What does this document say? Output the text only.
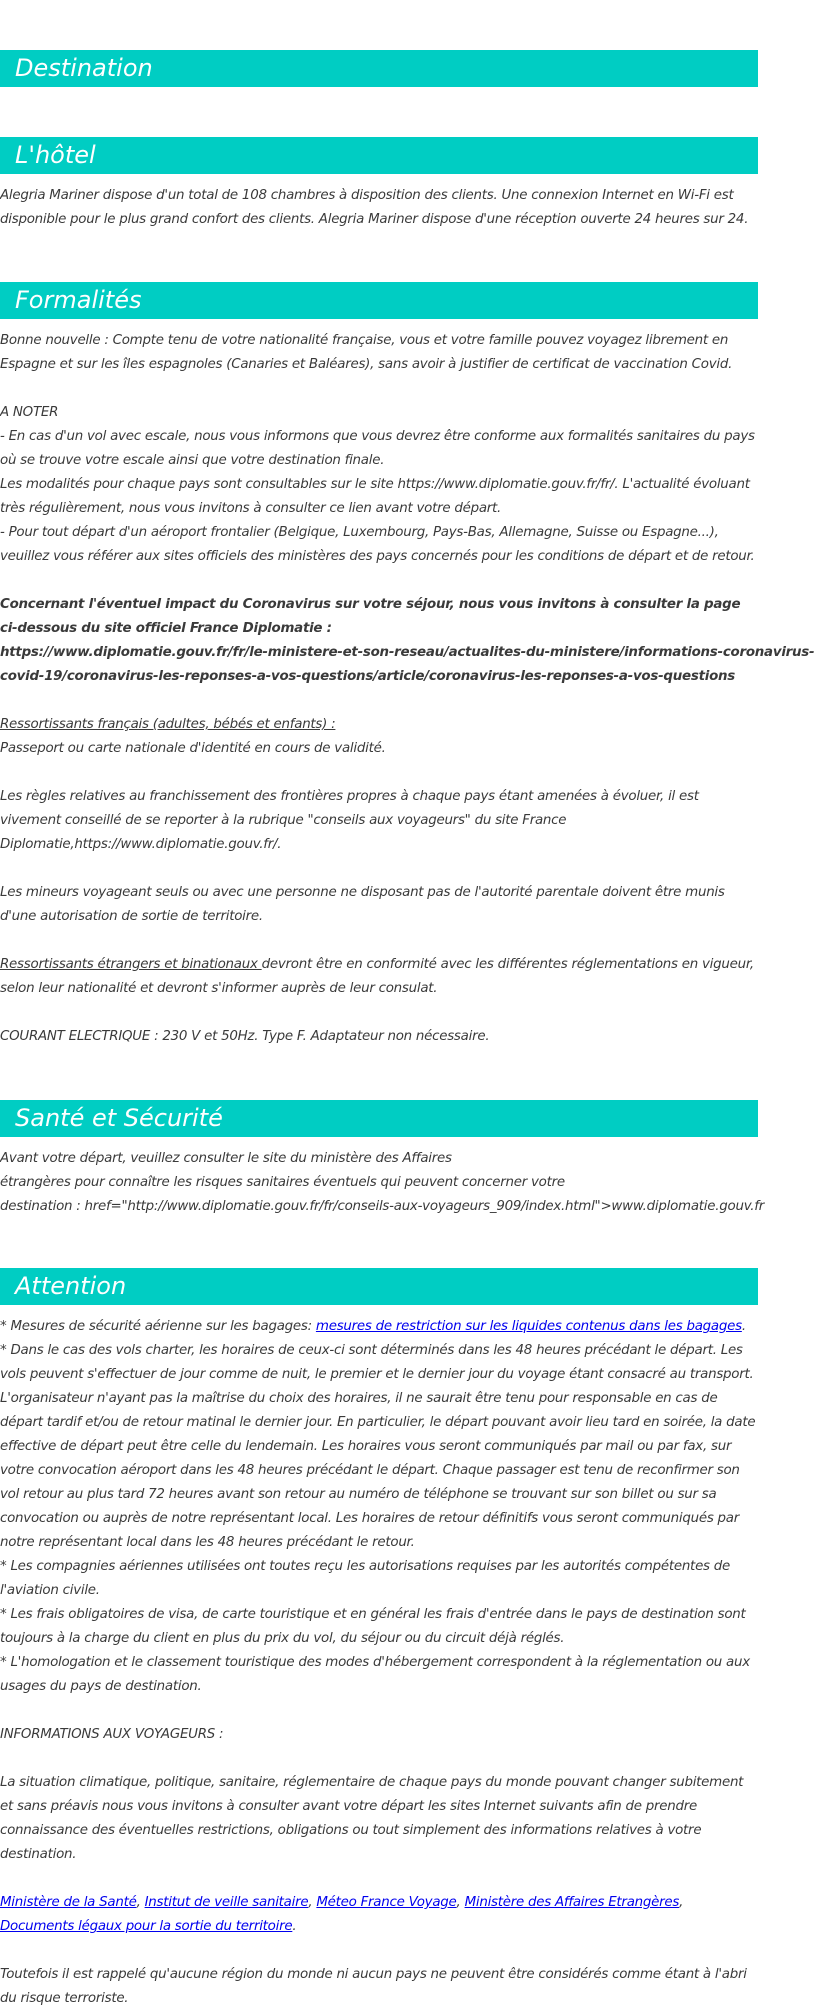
Destination
L'hôtel

Alegria Mariner dispose d'un total de 108 chambres à disposition des clients. Une connexion Internet en Wi-Fi est disponible pour le plus grand confort des clients. Alegria Mariner dispose d'une réception ouverte 24 heures sur 24.

Formalités

Bonne nouvelle : Compte tenu de votre nationalité française, vous et votre famille pouvez voyagez librement en Espagne et sur les îles espagnoles (Canaries et Baléares), sans avoir à justifier de certificat de vaccination Covid.

A NOTER

- En cas d'un vol avec escale, nous vous informons que vous devrez être conforme aux formalités sanitaires du pays où se trouve votre escale ainsi que votre destination finale.

Les modalités pour chaque pays sont consultables sur le site https://www.diplomatie.gouv.fr/fr/. L'actualité évoluant très régulièrement, nous vous invitons à consulter ce lien avant votre départ.

- Pour tout départ d'un aéroport frontalier (Belgique, Luxembourg, Pays-Bas, Allemagne, Suisse ou Espagne...), veuillez vous référer aux sites officiels des ministères des pays concernés pour les conditions de départ et de retour.

Concernant l'éventuel impact du Coronavirus sur votre séjour, nous vous invitons à consulter la page ci-dessous du site officiel France Diplomatie :

https://www.diplomatie.gouv.fr/fr/le-ministere-et-son-reseau/actualites-du-ministere/informations-coronavirus-

covid-19/coronavirus-les-reponses-a-vos-questions/article/coronavirus-les-reponses-a-vos-questions

Ressortissants français (adultes, bébés et enfants) :

Passeport ou carte nationale d'identité en cours de validité.

Les règles relatives au franchissement des frontières propres à chaque pays étant amenées à évoluer, il est vivement conseillé de se reporter à la rubrique "conseils aux voyageurs" du site France Diplomatie,https://www.diplomatie.gouv.fr/.

Les mineurs voyageant seuls ou avec une personne ne disposant pas de l'autorité parentale doivent être munis d'une autorisation de sortie de territoire.

Ressortissants étrangers et binationaux devront être en conformité avec les différentes réglementations en vigueur, selon leur nationalité et devront s'informer auprès de leur consulat.

COURANT ELECTRIQUE : 230 V et 50Hz. Type F. Adaptateur non nécessaire.

Santé et Sécurité

Avant votre départ, veuillez consulter le site du ministère des Affaires

étrangères pour connaître les risques sanitaires éventuels qui peuvent concerner votre

destination : href="http://www.diplomatie.gouv.fr/fr/conseils-aux-voyageurs_909/index.html">www.diplomatie.gouv.fr

Attention

* Mesures de sécurité aérienne sur les bagages: mesures de restriction sur les liquides contenus dans les bagages.

* Dans le cas des vols charter, les horaires de ceux-ci sont déterminés dans les 48 heures précédant le départ. Les vols peuvent s'effectuer de jour comme de nuit, le premier et le dernier jour du voyage étant consacré au transport. L'organisateur n'ayant pas la maîtrise du choix des horaires, il ne saurait être tenu pour responsable en cas de départ tardif et/ou de retour matinal le dernier jour. En particulier, le départ pouvant avoir lieu tard en soirée, la date effective de départ peut être celle du lendemain. Les horaires vous seront communiqués par mail ou par fax, sur votre convocation aéroport dans les 48 heures précédant le départ. Chaque passager est tenu de reconfirmer son vol retour au plus tard 72 heures avant son retour au numéro de téléphone se trouvant sur son billet ou sur sa convocation ou auprès de notre représentant local. Les horaires de retour définitifs vous seront communiqués par notre représentant local dans les 48 heures précédant le retour.

* Les compagnies aériennes utilisées ont toutes reçu les autorisations requises par les autorités compétentes de l'aviation civile.

* Les frais obligatoires de visa, de carte touristique et en général les frais d'entrée dans le pays de destination sont toujours à la charge du client en plus du prix du vol, du séjour ou du circuit déjà réglés.

* L'homologation et le classement touristique des modes d'hébergement correspondent à la réglementation ou aux usages du pays de destination.

INFORMATIONS AUX VOYAGEURS :

La situation climatique, politique, sanitaire, réglementaire de chaque pays du monde pouvant changer subitement et sans préavis nous vous invitons à consulter avant votre départ les sites Internet suivants afin de prendre connaissance des éventuelles restrictions, obligations ou tout simplement des informations relatives à votre destination.

Ministère de la Santé, Institut de veille sanitaire, Méteo France Voyage, Ministère des Affaires Etrangères, Documents légaux pour la sortie du territoire.

Toutefois il est rappelé qu'aucune région du monde ni aucun pays ne peuvent être considérés comme étant à l'abri du risque terroriste.
